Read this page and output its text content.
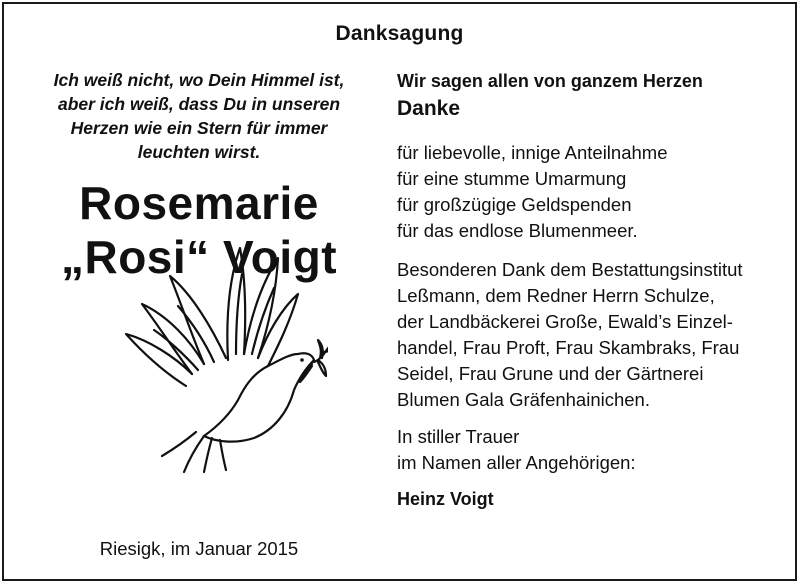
Danksagung
Ich weiß nicht, wo Dein Himmel ist,
aber ich weiß, dass Du in unseren
Herzen wie ein Stern für immer
leuchten wirst.
Rosemarie
„Rosi“ Voigt
Riesigk, im Januar 2015
Wir sagen allen von ganzem Herzen
Danke
für liebevolle, innige Anteilnahme
für eine stumme Umarmung
für großzügige Geldspenden
für das endlose Blumenmeer.
Besonderen Dank dem Bestattungsinstitut
Leßmann, dem Redner Herrn Schulze,
der Landbäckerei Große, Ewald’s Einzel-
handel, Frau Proft, Frau Skambraks, Frau
Seidel, Frau Grune und der Gärtnerei
Blumen Gala Gräfenhainichen.
In stiller Trauer
im Namen aller Angehörigen:
Heinz Voigt
